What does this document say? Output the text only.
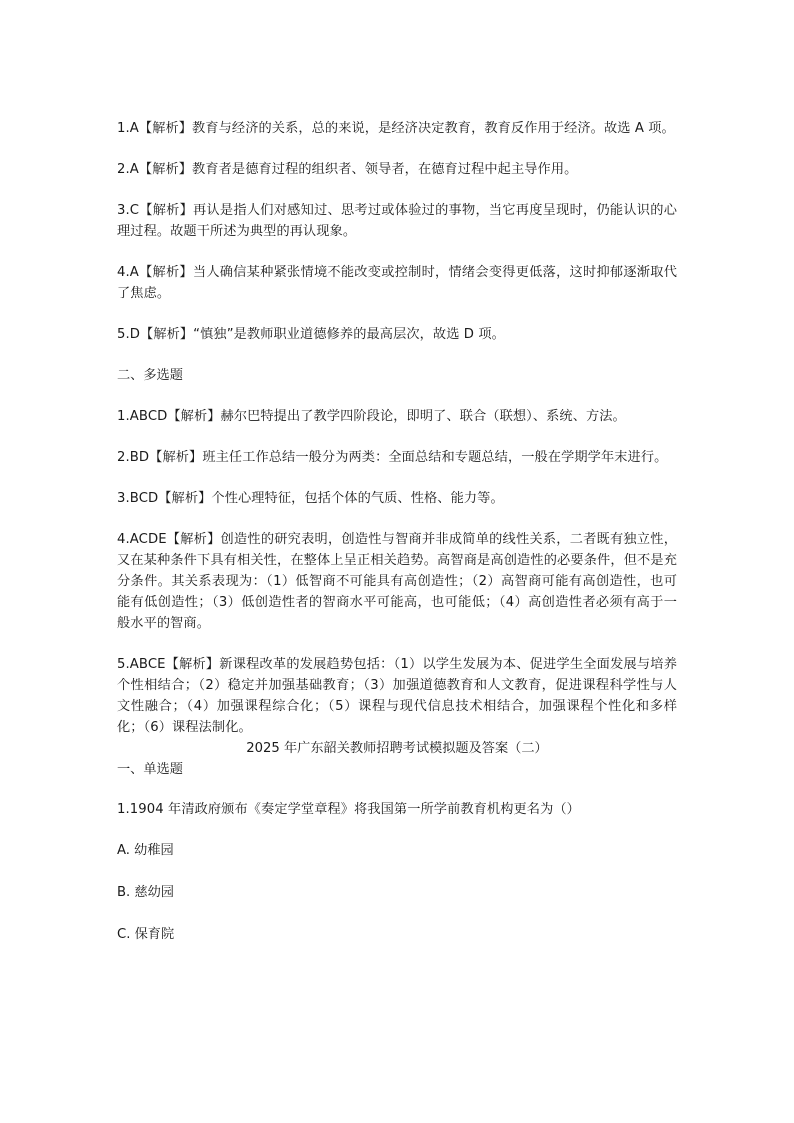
1.A【解析】教育与经济的关系，总的来说，是经济决定教育，教育反作用于经济。故选 A 项。

2.A【解析】教育者是德育过程的组织者、领导者，在德育过程中起主导作用。

3.C【解析】再认是指人们对感知过、思考过或体验过的事物，当它再度呈现时，仍能认识的心理过程。故题干所述为典型的再认现象。

4.A【解析】当人确信某种紧张情境不能改变或控制时，情绪会变得更低落，这时抑郁逐渐取代了焦虑。

5.D【解析】“慎独”是教师职业道德修养的最高层次，故选 D 项。

二、多选题

1.ABCD【解析】赫尔巴特提出了教学四阶段论，即明了、联合（联想）、系统、方法。

2.BD【解析】班主任工作总结一般分为两类：全面总结和专题总结，一般在学期学年末进行。

3.BCD【解析】个性心理特征，包括个体的气质、性格、能力等。

4.ACDE【解析】创造性的研究表明，创造性与智商并非成简单的线性关系，二者既有独立性，又在某种条件下具有相关性，在整体上呈正相关趋势。高智商是高创造性的必要条件，但不是充分条件。其关系表现为：（1）低智商不可能具有高创造性；（2）高智商可能有高创造性，也可能有低创造性；（3）低创造性者的智商水平可能高，也可能低；（4）高创造性者必须有高于一般水平的智商。

5.ABCE【解析】新课程改革的发展趋势包括：（1）以学生发展为本、促进学生全面发展与培养个性相结合；（2）稳定并加强基础教育；（3）加强道德教育和人文教育，促进课程科学性与人文性融合；（4）加强课程综合化；（5）课程与现代信息技术相结合，加强课程个性化和多样化；（6）课程法制化。

2025 年广东韶关教师招聘考试模拟题及答案（二）

一、单选题

1.1904 年清政府颁布《奏定学堂章程》将我国第一所学前教育机构更名为（）

A. 幼稚园

B. 慈幼园

C. 保育院
